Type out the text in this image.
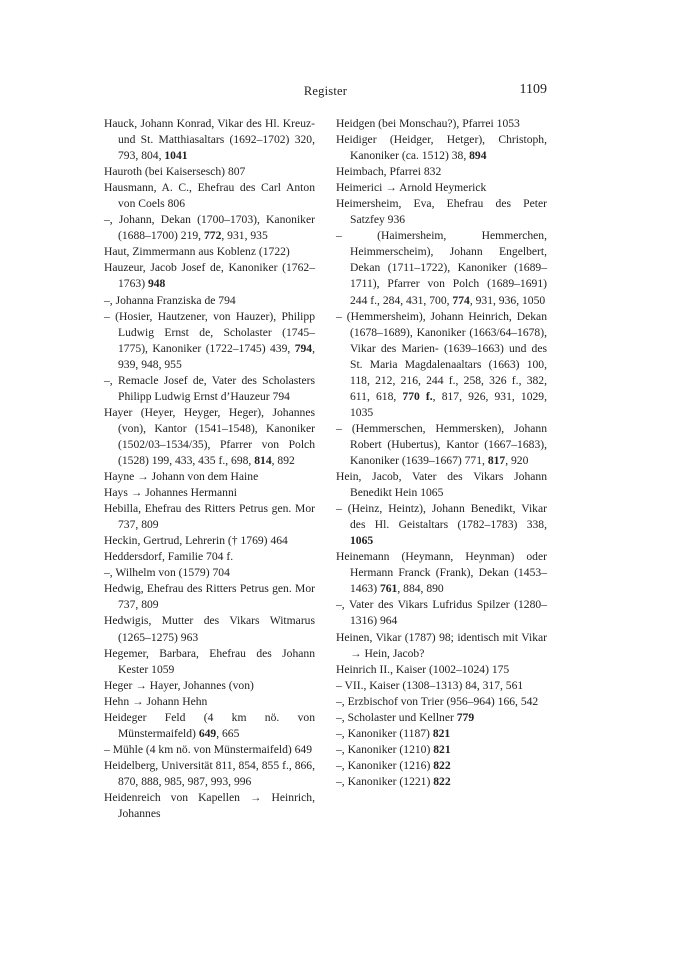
Register	1109
Hauck, Johann Konrad, Vikar des Hl. Kreuz- und St. Matthiasaltars (1692–1702) 320, 793, 804, 1041
Hauroth (bei Kaisersesch) 807
Hausmann, A. C., Ehefrau des Carl Anton von Coels 806
–, Johann, Dekan (1700–1703), Kanoniker (1688–1700) 219, 772, 931, 935
Haut, Zimmermann aus Koblenz (1722)
Hauzeur, Jacob Josef de, Kanoniker (1762–1763) 948
–, Johanna Franziska de 794
– (Hosier, Hautzener, von Hauzer), Philipp Ludwig Ernst de, Scholaster (1745–1775), Kanoniker (1722–1745) 439, 794, 939, 948, 955
–, Remacle Josef de, Vater des Scholasters Philipp Ludwig Ernst d’Hauzeur 794
Hayer (Heyer, Heyger, Heger), Johannes (von), Kantor (1541–1548), Kanoniker (1502/03–1534/35), Pfarrer von Polch (1528) 199, 433, 435 f., 698, 814, 892
Hayne → Johann von dem Haine
Hays → Johannes Hermanni
Hebilla, Ehefrau des Ritters Petrus gen. Mor 737, 809
Heckin, Gertrud, Lehrerin († 1769) 464
Heddersdorf, Familie 704 f.
–, Wilhelm von (1579) 704
Hedwig, Ehefrau des Ritters Petrus gen. Mor 737, 809
Hedwigis, Mutter des Vikars Witmarus (1265–1275) 963
Hegemer, Barbara, Ehefrau des Johann Kester 1059
Heger → Hayer, Johannes (von)
Hehn → Johann Hehn
Heideger Feld (4 km nö. von Münstermaifeld) 649, 665
– Mühle (4 km nö. von Münstermaifeld) 649
Heidelberg, Universität 811, 854, 855 f., 866, 870, 888, 985, 987, 993, 996
Heidenreich von Kapellen → Heinrich, Johannes
Heidgen (bei Monschau?), Pfarrei 1053
Heidiger (Heidger, Hetger), Christoph, Kanoniker (ca. 1512) 38, 894
Heimbach, Pfarrei 832
Heimerici → Arnold Heymerick
Heimersheim, Eva, Ehefrau des Peter Satzfey 936
– (Haimersheim, Hemmerchen, Heimmerscheim), Johann Engelbert, Dekan (1711–1722), Kanoniker (1689–1711), Pfarrer von Polch (1689–1691) 244 f., 284, 431, 700, 774, 931, 936, 1050
– (Hemmersheim), Johann Heinrich, Dekan (1678–1689), Kanoniker (1663/64–1678), Vikar des Marien- (1639–1663) und des St. Maria Magdalenaaltars (1663) 100, 118, 212, 216, 244 f., 258, 326 f., 382, 611, 618, 770 f., 817, 926, 931, 1029, 1035
– (Hemmerschen, Hemmersken), Johann Robert (Hubertus), Kantor (1667–1683), Kanoniker (1639–1667) 771, 817, 920
Hein, Jacob, Vater des Vikars Johann Benedikt Hein 1065
– (Heinz, Heintz), Johann Benedikt, Vikar des Hl. Geistaltars (1782–1783) 338, 1065
Heinemann (Heymann, Heynman) oder Hermann Franck (Frank), Dekan (1453–1463) 761, 884, 890
–, Vater des Vikars Lufridus Spilzer (1280–1316) 964
Heinen, Vikar (1787) 98; identisch mit Vikar → Hein, Jacob?
Heinrich II., Kaiser (1002–1024) 175
– VII., Kaiser (1308–1313) 84, 317, 561
–, Erzbischof von Trier (956–964) 166, 542
–, Scholaster und Kellner 779
–, Kanoniker (1187) 821
–, Kanoniker (1210) 821
–, Kanoniker (1216) 822
–, Kanoniker (1221) 822
